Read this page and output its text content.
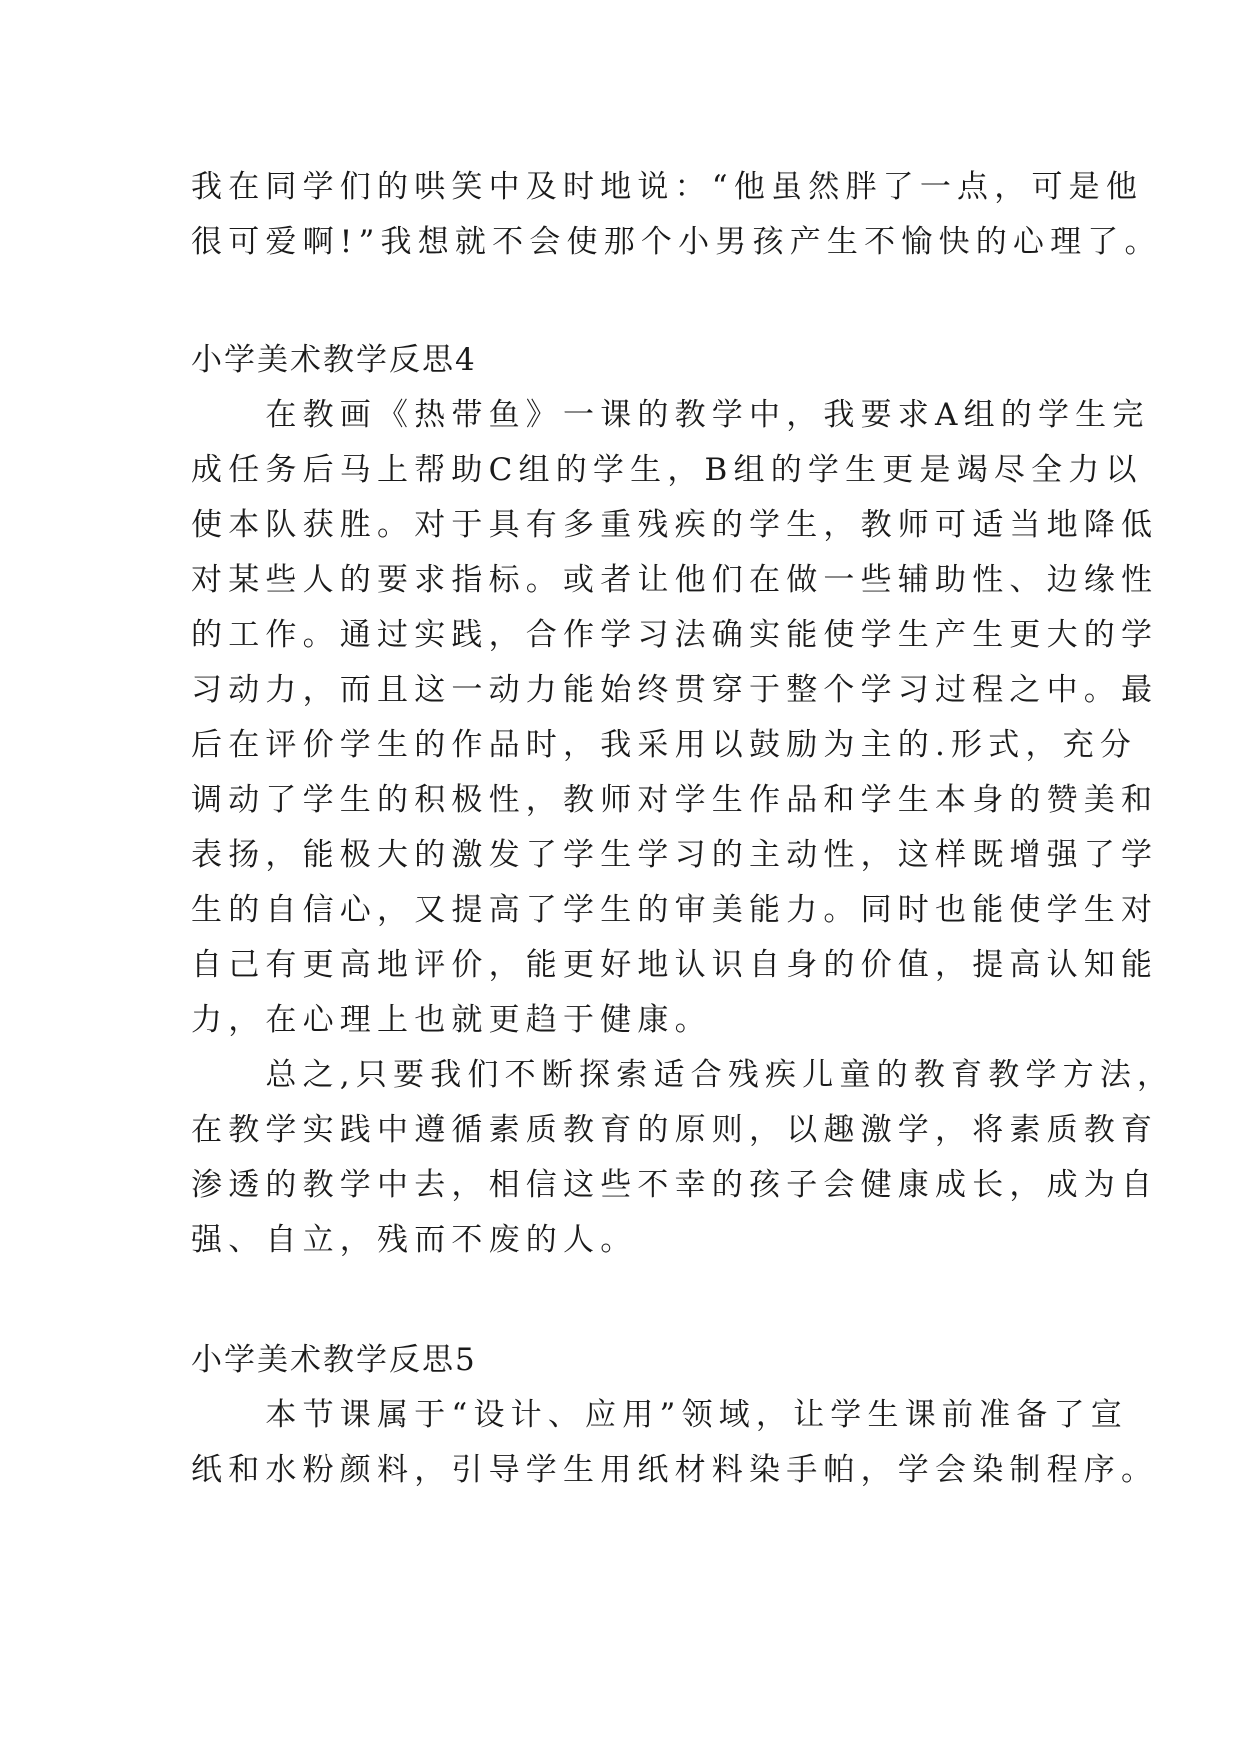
我在同学们的哄笑中及时地说：“他虽然胖了一点，可是他
很可爱啊!”我想就不会使那个小男孩产生不愉快的心理了。
小学美术教学反思4
　　在教画《热带鱼》一课的教学中，我要求A组的学生完
成任务后马上帮助C组的学生，B组的学生更是竭尽全力以
使本队获胜。对于具有多重残疾的学生，教师可适当地降低
对某些人的要求指标。或者让他们在做一些辅助性、边缘性
的工作。通过实践，合作学习法确实能使学生产生更大的学
习动力，而且这一动力能始终贯穿于整个学习过程之中。最
后在评价学生的作品时，我采用以鼓励为主的.形式，充分
调动了学生的积极性，教师对学生作品和学生本身的赞美和
表扬，能极大的激发了学生学习的主动性，这样既增强了学
生的自信心，又提高了学生的审美能力。同时也能使学生对
自己有更高地评价，能更好地认识自身的价值，提高认知能
力，在心理上也就更趋于健康。
　　总之,只要我们不断探索适合残疾儿童的教育教学方法，
在教学实践中遵循素质教育的原则，以趣激学，将素质教育
渗透的教学中去，相信这些不幸的孩子会健康成长，成为自
强、自立，残而不废的人。
小学美术教学反思5
　　本节课属于“设计、应用”领域，让学生课前准备了宣
纸和水粉颜料，引导学生用纸材料染手帕，学会染制程序。
